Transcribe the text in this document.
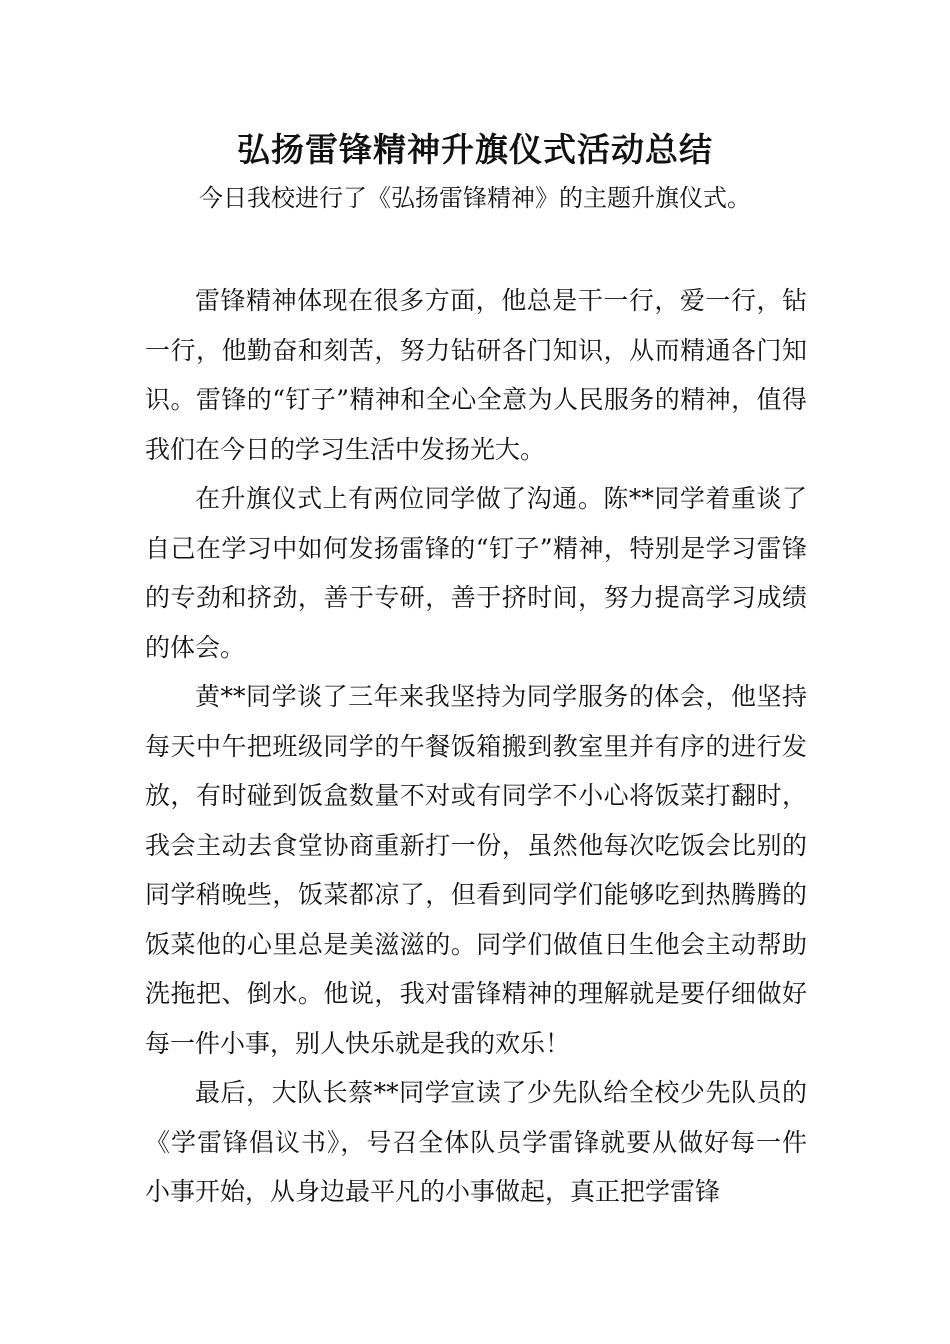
弘扬雷锋精神升旗仪式活动总结

今日我校进行了《弘扬雷锋精神》的主题升旗仪式。

雷锋精神体现在很多方面，他总是干一行，爱一行，钻一行，他勤奋和刻苦，努力钻研各门知识，从而精通各门知识。雷锋的“钉子”精神和全心全意为人民服务的精神，值得我们在今日的学习生活中发扬光大。

在升旗仪式上有两位同学做了沟通。陈**同学着重谈了自己在学习中如何发扬雷锋的“钉子”精神，特别是学习雷锋的专劲和挤劲，善于专研，善于挤时间，努力提高学习成绩的体会。

黄**同学谈了三年来我坚持为同学服务的体会，他坚持每天中午把班级同学的午餐饭箱搬到教室里并有序的进行发放，有时碰到饭盒数量不对或有同学不小心将饭菜打翻时，我会主动去食堂协商重新打一份，虽然他每次吃饭会比别的同学稍晚些，饭菜都凉了，但看到同学们能够吃到热腾腾的饭菜他的心里总是美滋滋的。同学们做值日生他会主动帮助洗拖把、倒水。他说，我对雷锋精神的理解就是要仔细做好每一件小事，别人快乐就是我的欢乐！

最后，大队长蔡**同学宣读了少先队给全校少先队员的《学雷锋倡议书》，号召全体队员学雷锋就要从做好每一件小事开始，从身边最平凡的小事做起，真正把学雷锋
